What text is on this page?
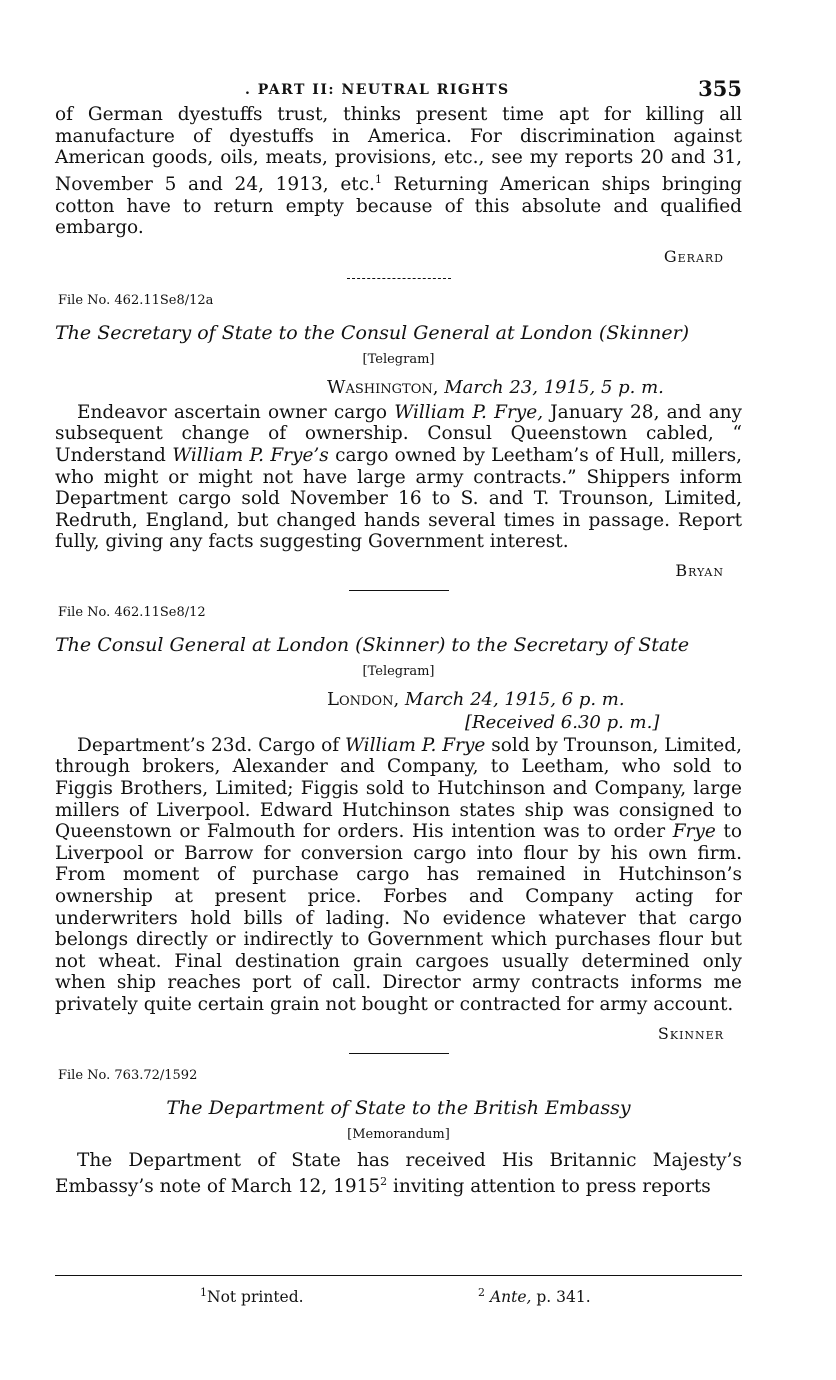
. PART II: NEUTRAL RIGHTS	355

of German dyestuffs trust, thinks present time apt for killing all manufacture of dyestuffs in America. For discrimination against American goods, oils, meats, provisions, etc., see my reports 20 and 31, November 5 and 24, 1913, etc.$^1$ Returning American ships bringing cotton have to return empty because of this absolute and qualified embargo.

Gerard
File No. 462.11Se8/12a
The Secretary of State to the Consul General at London (Skinner)
[Telegram]
Washington, March 23, 1915, 5 p. m.

Endeavor ascertain owner cargo William P. Frye, January 28, and any subsequent change of ownership. Consul Queenstown cabled, “ Understand William P. Frye’s cargo owned by Leetham’s of Hull, millers, who might or might not have large army contracts.” Shippers inform Department cargo sold November 16 to S. and T. Trounson, Limited, Redruth, England, but changed hands several times in passage. Report fully, giving any facts suggesting Government interest.

Bryan
File No. 462.11Se8/12
The Consul General at London (Skinner) to the Secretary of State
[Telegram]
London, March 24, 1915, 6 p. m.
[Received 6.30 p. m.]

Department’s 23d. Cargo of William P. Frye sold by Trounson, Limited, through brokers, Alexander and Company, to Leetham, who sold to Figgis Brothers, Limited; Figgis sold to Hutchinson and Company, large millers of Liverpool. Edward Hutchinson states ship was consigned to Queenstown or Falmouth for orders. His intention was to order Frye to Liverpool or Barrow for conversion cargo into flour by his own firm. From moment of purchase cargo has remained in Hutchinson’s ownership at present price. Forbes and Company acting for underwriters hold bills of lading. No evidence whatever that cargo belongs directly or indirectly to Government which purchases flour but not wheat. Final destination grain cargoes usually determined only when ship reaches port of call. Director army contracts informs me privately quite certain grain not bought or contracted for army account.

Skinner
File No. 763.72/1592
The Department of State to the British Embassy
[Memorandum]

The Department of State has received His Britannic Majesty’s Embassy’s note of March 12, 1915$^2$ inviting attention to press reports

$^1$Not printed.	$^2$ Ante, p. 341.
